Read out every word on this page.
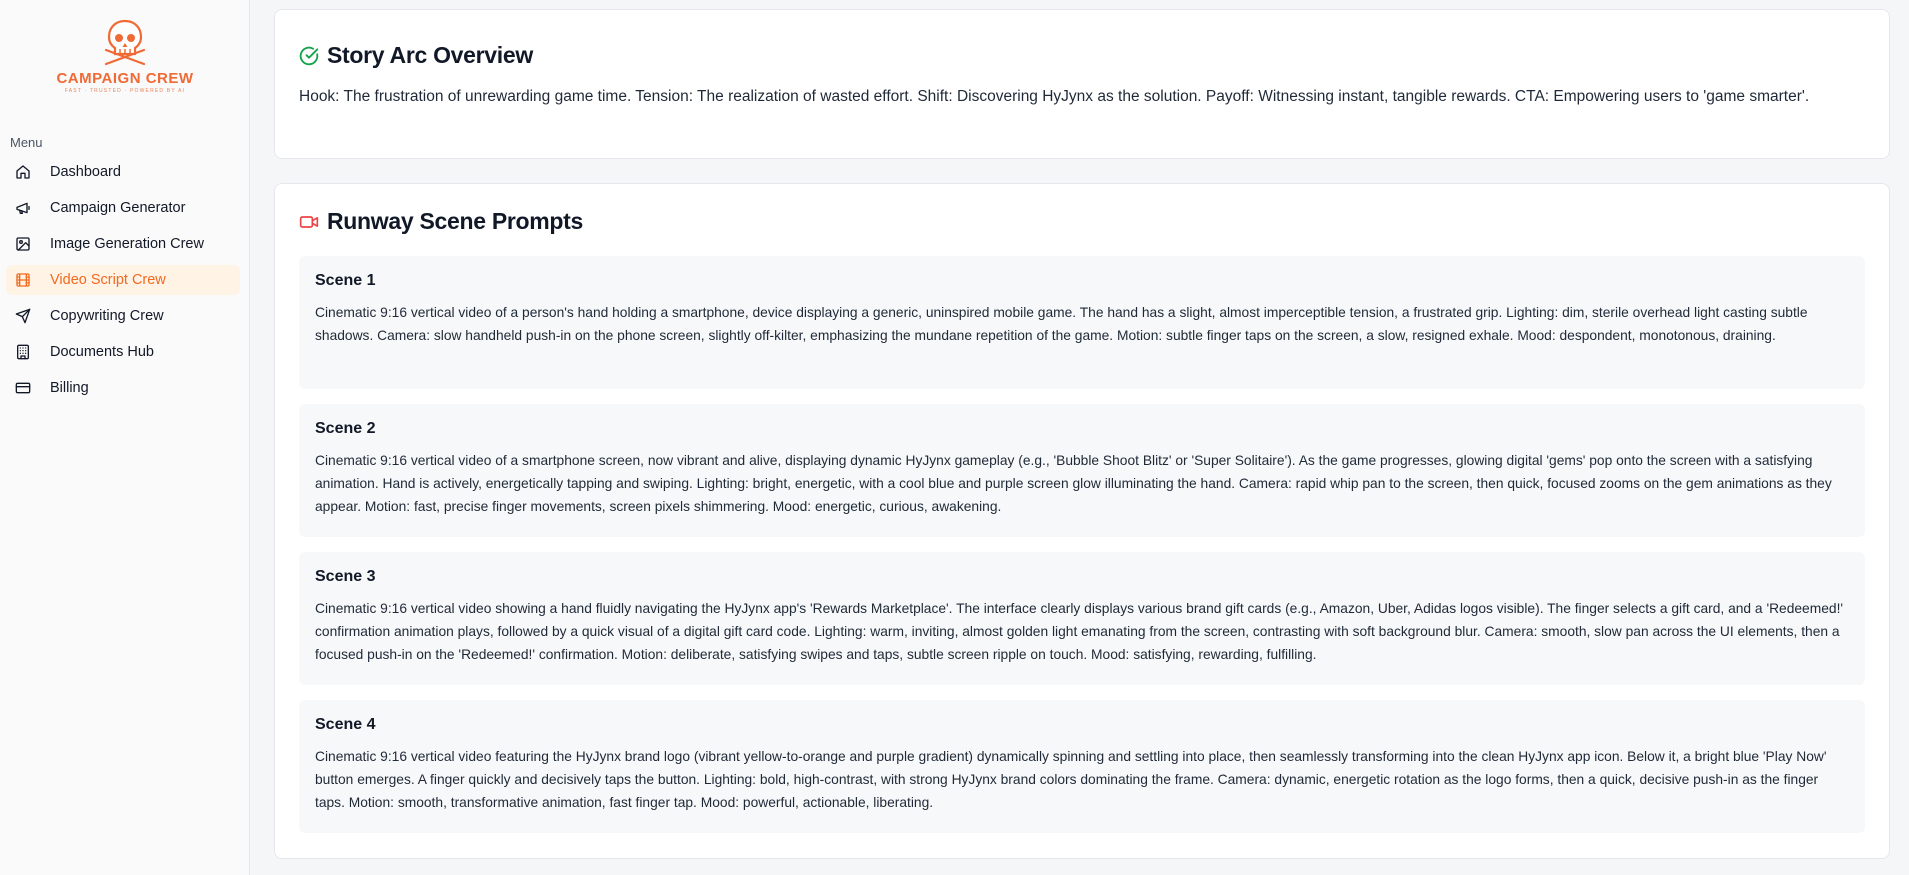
CAMPAIGN CREW
FAST · TRUSTED · POWERED BY AI
Menu
Dashboard
Campaign Generator
Image Generation Crew
Video Script Crew
Copywriting Crew
Documents Hub
Billing
Story Arc Overview

Hook: The frustration of unrewarding game time. Tension: The realization of wasted effort. Shift: Discovering HyJynx as the solution. Payoff: Witnessing instant, tangible rewards. CTA: Empowering users to 'game smarter'.

Runway Scene Prompts
Scene 1

Cinematic 9:16 vertical video of a person's hand holding a smartphone, device displaying a generic, uninspired mobile game. The hand has a slight, almost imperceptible tension, a frustrated grip. Lighting: dim, sterile overhead light casting subtle shadows. Camera: slow handheld push-in on the phone screen, slightly off-kilter, emphasizing the mundane repetition of the game. Motion: subtle finger taps on the screen, a slow, resigned exhale. Mood: despondent, monotonous, draining.

Scene 2

Cinematic 9:16 vertical video of a smartphone screen, now vibrant and alive, displaying dynamic HyJynx gameplay (e.g., 'Bubble Shoot Blitz' or 'Super Solitaire'). As the game progresses, glowing digital 'gems' pop onto the screen with a satisfying animation. Hand is actively, energetically tapping and swiping. Lighting: bright, energetic, with a cool blue and purple screen glow illuminating the hand. Camera: rapid whip pan to the screen, then quick, focused zooms on the gem animations as they appear. Motion: fast, precise finger movements, screen pixels shimmering. Mood: energetic, curious, awakening.

Scene 3

Cinematic 9:16 vertical video showing a hand fluidly navigating the HyJynx app's 'Rewards Marketplace'. The interface clearly displays various brand gift cards (e.g., Amazon, Uber, Adidas logos visible). The finger selects a gift card, and a 'Redeemed!' confirmation animation plays, followed by a quick visual of a digital gift card code. Lighting: warm, inviting, almost golden light emanating from the screen, contrasting with soft background blur. Camera: smooth, slow pan across the UI elements, then a focused push-in on the 'Redeemed!' confirmation. Motion: deliberate, satisfying swipes and taps, subtle screen ripple on touch. Mood: satisfying, rewarding, fulfilling.

Scene 4

Cinematic 9:16 vertical video featuring the HyJynx brand logo (vibrant yellow-to-orange and purple gradient) dynamically spinning and settling into place, then seamlessly transforming into the clean HyJynx app icon. Below it, a bright blue 'Play Now' button emerges. A finger quickly and decisively taps the button. Lighting: bold, high-contrast, with strong HyJynx brand colors dominating the frame. Camera: dynamic, energetic rotation as the logo forms, then a quick, decisive push-in as the finger taps. Motion: smooth, transformative animation, fast finger tap. Mood: powerful, actionable, liberating.
